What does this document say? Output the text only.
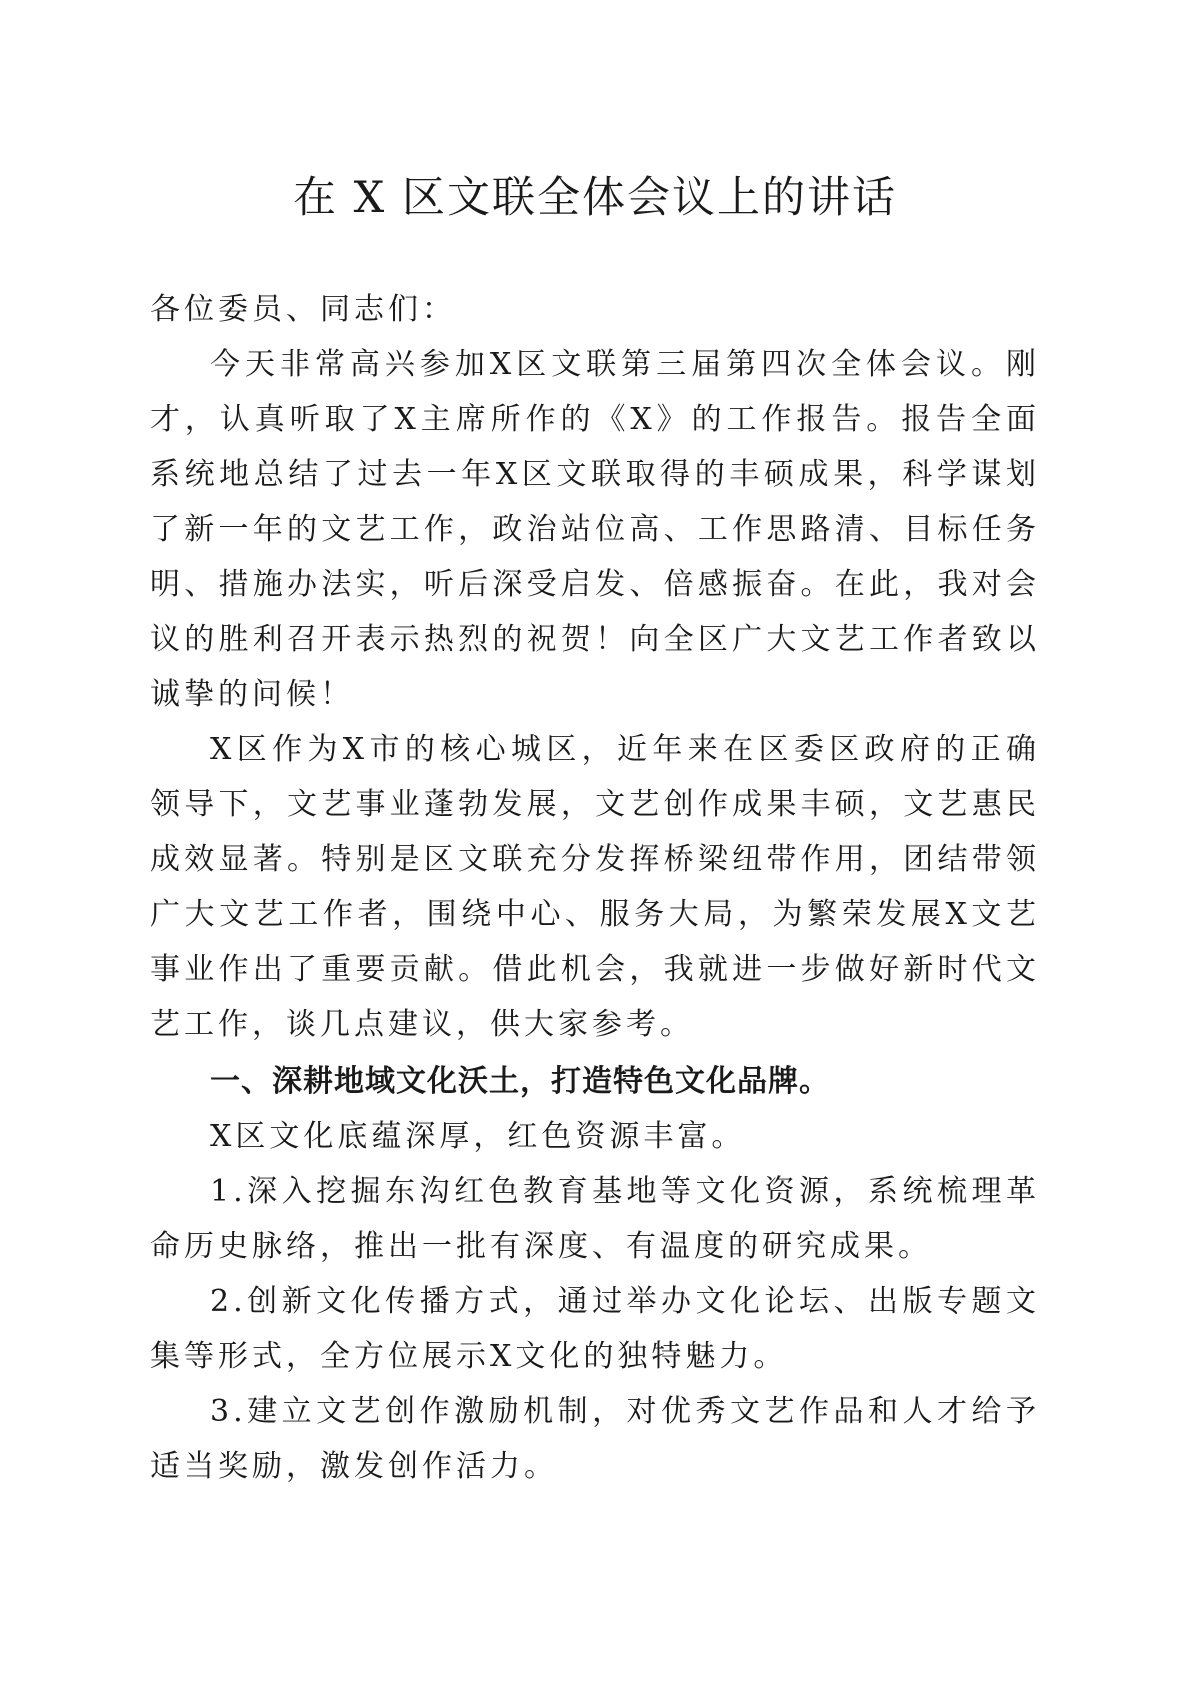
在 X 区文联全体会议上的讲话

各位委员、同志们：

今天非常高兴参加X区文联第三届第四次全体会议。刚才，认真听取了X主席所作的《X》的工作报告。报告全面系统地总结了过去一年X区文联取得的丰硕成果，科学谋划了新一年的文艺工作，政治站位高、工作思路清、目标任务明、措施办法实，听后深受启发、倍感振奋。在此，我对会议的胜利召开表示热烈的祝贺！向全区广大文艺工作者致以诚挚的问候！

X区作为X市的核心城区，近年来在区委区政府的正确领导下，文艺事业蓬勃发展，文艺创作成果丰硕，文艺惠民成效显著。特别是区文联充分发挥桥梁纽带作用，团结带领广大文艺工作者，围绕中心、服务大局，为繁荣发展X文艺事业作出了重要贡献。借此机会，我就进一步做好新时代文艺工作，谈几点建议，供大家参考。

一、深耕地域文化沃土，打造特色文化品牌。

X区文化底蕴深厚，红色资源丰富。

1.深入挖掘东沟红色教育基地等文化资源，系统梳理革命历史脉络，推出一批有深度、有温度的研究成果。

2.创新文化传播方式，通过举办文化论坛、出版专题文集等形式，全方位展示X文化的独特魅力。

3.建立文艺创作激励机制，对优秀文艺作品和人才给予适当奖励，激发创作活力。
